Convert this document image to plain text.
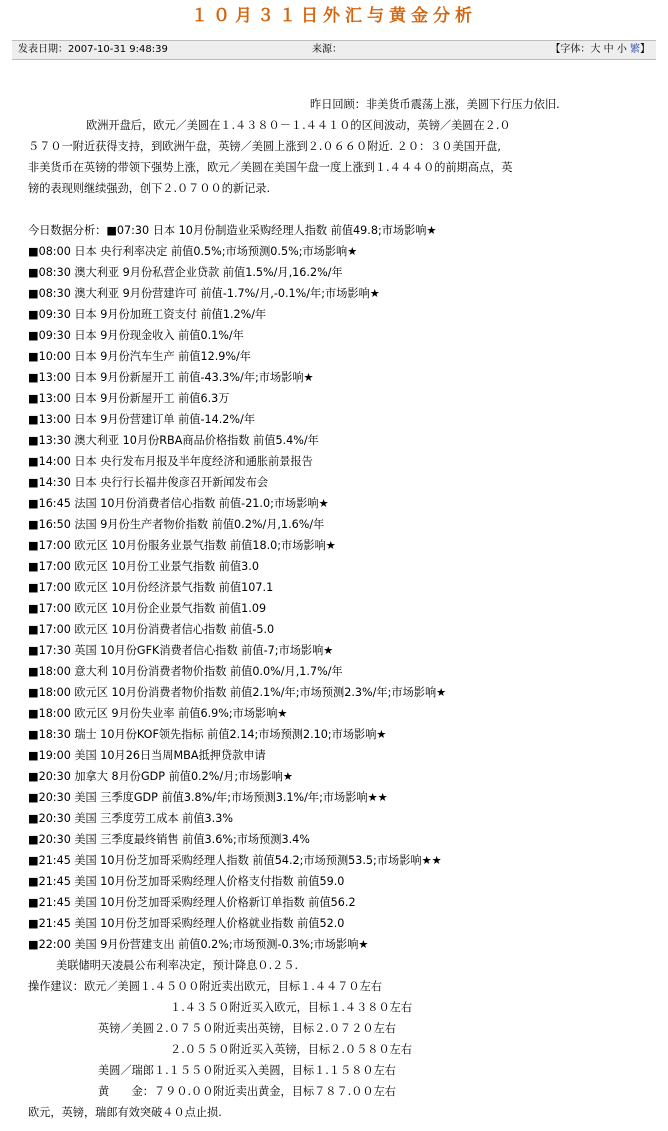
１０月３１日外汇与黄金分析
发表日期：2007-10-31 9:48:39	来源：	【字体：大 中 小 繁】
昨日回顾：非美货币震荡上涨，美圆下行压力依旧.
欧洲开盘后，欧元／美圆在１.４３８０－１.４４１０的区间波动，英镑／美圆在２.０
５７０一附近获得支持，到欧洲午盘，英镑／美圆上涨到２.０６６０附近. ２０：３０美国开盘,
非美货币在英镑的带领下强势上涨，欧元／美圆在美国午盘一度上涨到１.４４４０的前期高点，英
镑的表现则继续强劲，创下２.０７００的新记录.
今日数据分析：■07:30 日本 10月份制造业采购经理人指数 前值49.8;市场影响★
■08:00 日本 央行利率决定 前值0.5%;市场预测0.5%;市场影响★
■08:30 澳大利亚 9月份私营企业贷款 前值1.5%/月,16.2%/年
■08:30 澳大利亚 9月份营建许可 前值-1.7%/月,-0.1%/年;市场影响★
■09:30 日本 9月份加班工资支付 前值1.2%/年
■09:30 日本 9月份现金收入 前值0.1%/年
■10:00 日本 9月份汽车生产 前值12.9%/年
■13:00 日本 9月份新屋开工 前值-43.3%/年;市场影响★
■13:00 日本 9月份新屋开工 前值6.3万
■13:00 日本 9月份营建订单 前值-14.2%/年
■13:30 澳大利亚 10月份RBA商品价格指数 前值5.4%/年
■14:00 日本 央行发布月报及半年度经济和通胀前景报告
■14:30 日本 央行行长福井俊彦召开新闻发布会
■16:45 法国 10月份消费者信心指数 前值-21.0;市场影响★
■16:50 法国 9月份生产者物价指数 前值0.2%/月,1.6%/年
■17:00 欧元区 10月份服务业景气指数 前值18.0;市场影响★
■17:00 欧元区 10月份工业景气指数 前值3.0
■17:00 欧元区 10月份经济景气指数 前值107.1
■17:00 欧元区 10月份企业景气指数 前值1.09
■17:00 欧元区 10月份消费者信心指数 前值-5.0
■17:30 英国 10月份GFK消费者信心指数 前值-7;市场影响★
■18:00 意大利 10月份消费者物价指数 前值0.0%/月,1.7%/年
■18:00 欧元区 10月份消费者物价指数 前值2.1%/年;市场预测2.3%/年;市场影响★
■18:00 欧元区 9月份失业率 前值6.9%;市场影响★
■18:30 瑞士 10月份KOF领先指标 前值2.14;市场预测2.10;市场影响★
■19:00 美国 10月26日当周MBA抵押贷款申请
■20:30 加拿大 8月份GDP 前值0.2%/月;市场影响★
■20:30 美国 三季度GDP 前值3.8%/年;市场预测3.1%/年;市场影响★★
■20:30 美国 三季度劳工成本 前值3.3%
■20:30 美国 三季度最终销售 前值3.6%;市场预测3.4%
■21:45 美国 10月份芝加哥采购经理人指数 前值54.2;市场预测53.5;市场影响★★
■21:45 美国 10月份芝加哥采购经理人价格支付指数 前值59.0
■21:45 美国 10月份芝加哥采购经理人价格新订单指数 前值56.2
■21:45 美国 10月份芝加哥采购经理人价格就业指数 前值52.0
■22:00 美国 9月份营建支出 前值0.2%;市场预测-0.3%;市场影响★
美联储明天凌晨公布利率决定，预计降息０.２５.
操作建议：欧元／美圆１.４５００附近卖出欧元，目标１.４４７０左右
１.４３５０附近买入欧元，目标１.４３８０左右
英镑／美圆２.０７５０附近卖出英镑，目标２.０７２０左右
２.０５５０附近买入英镑，目标２.０５８０左右
美圆／瑞郎１.１５５０附近买入美圆，目标１.１５８０左右
黄　　金：７９０.００附近卖出黄金，目标７８７.００左右
欧元，英镑，瑞郎有效突破４０点止损.
